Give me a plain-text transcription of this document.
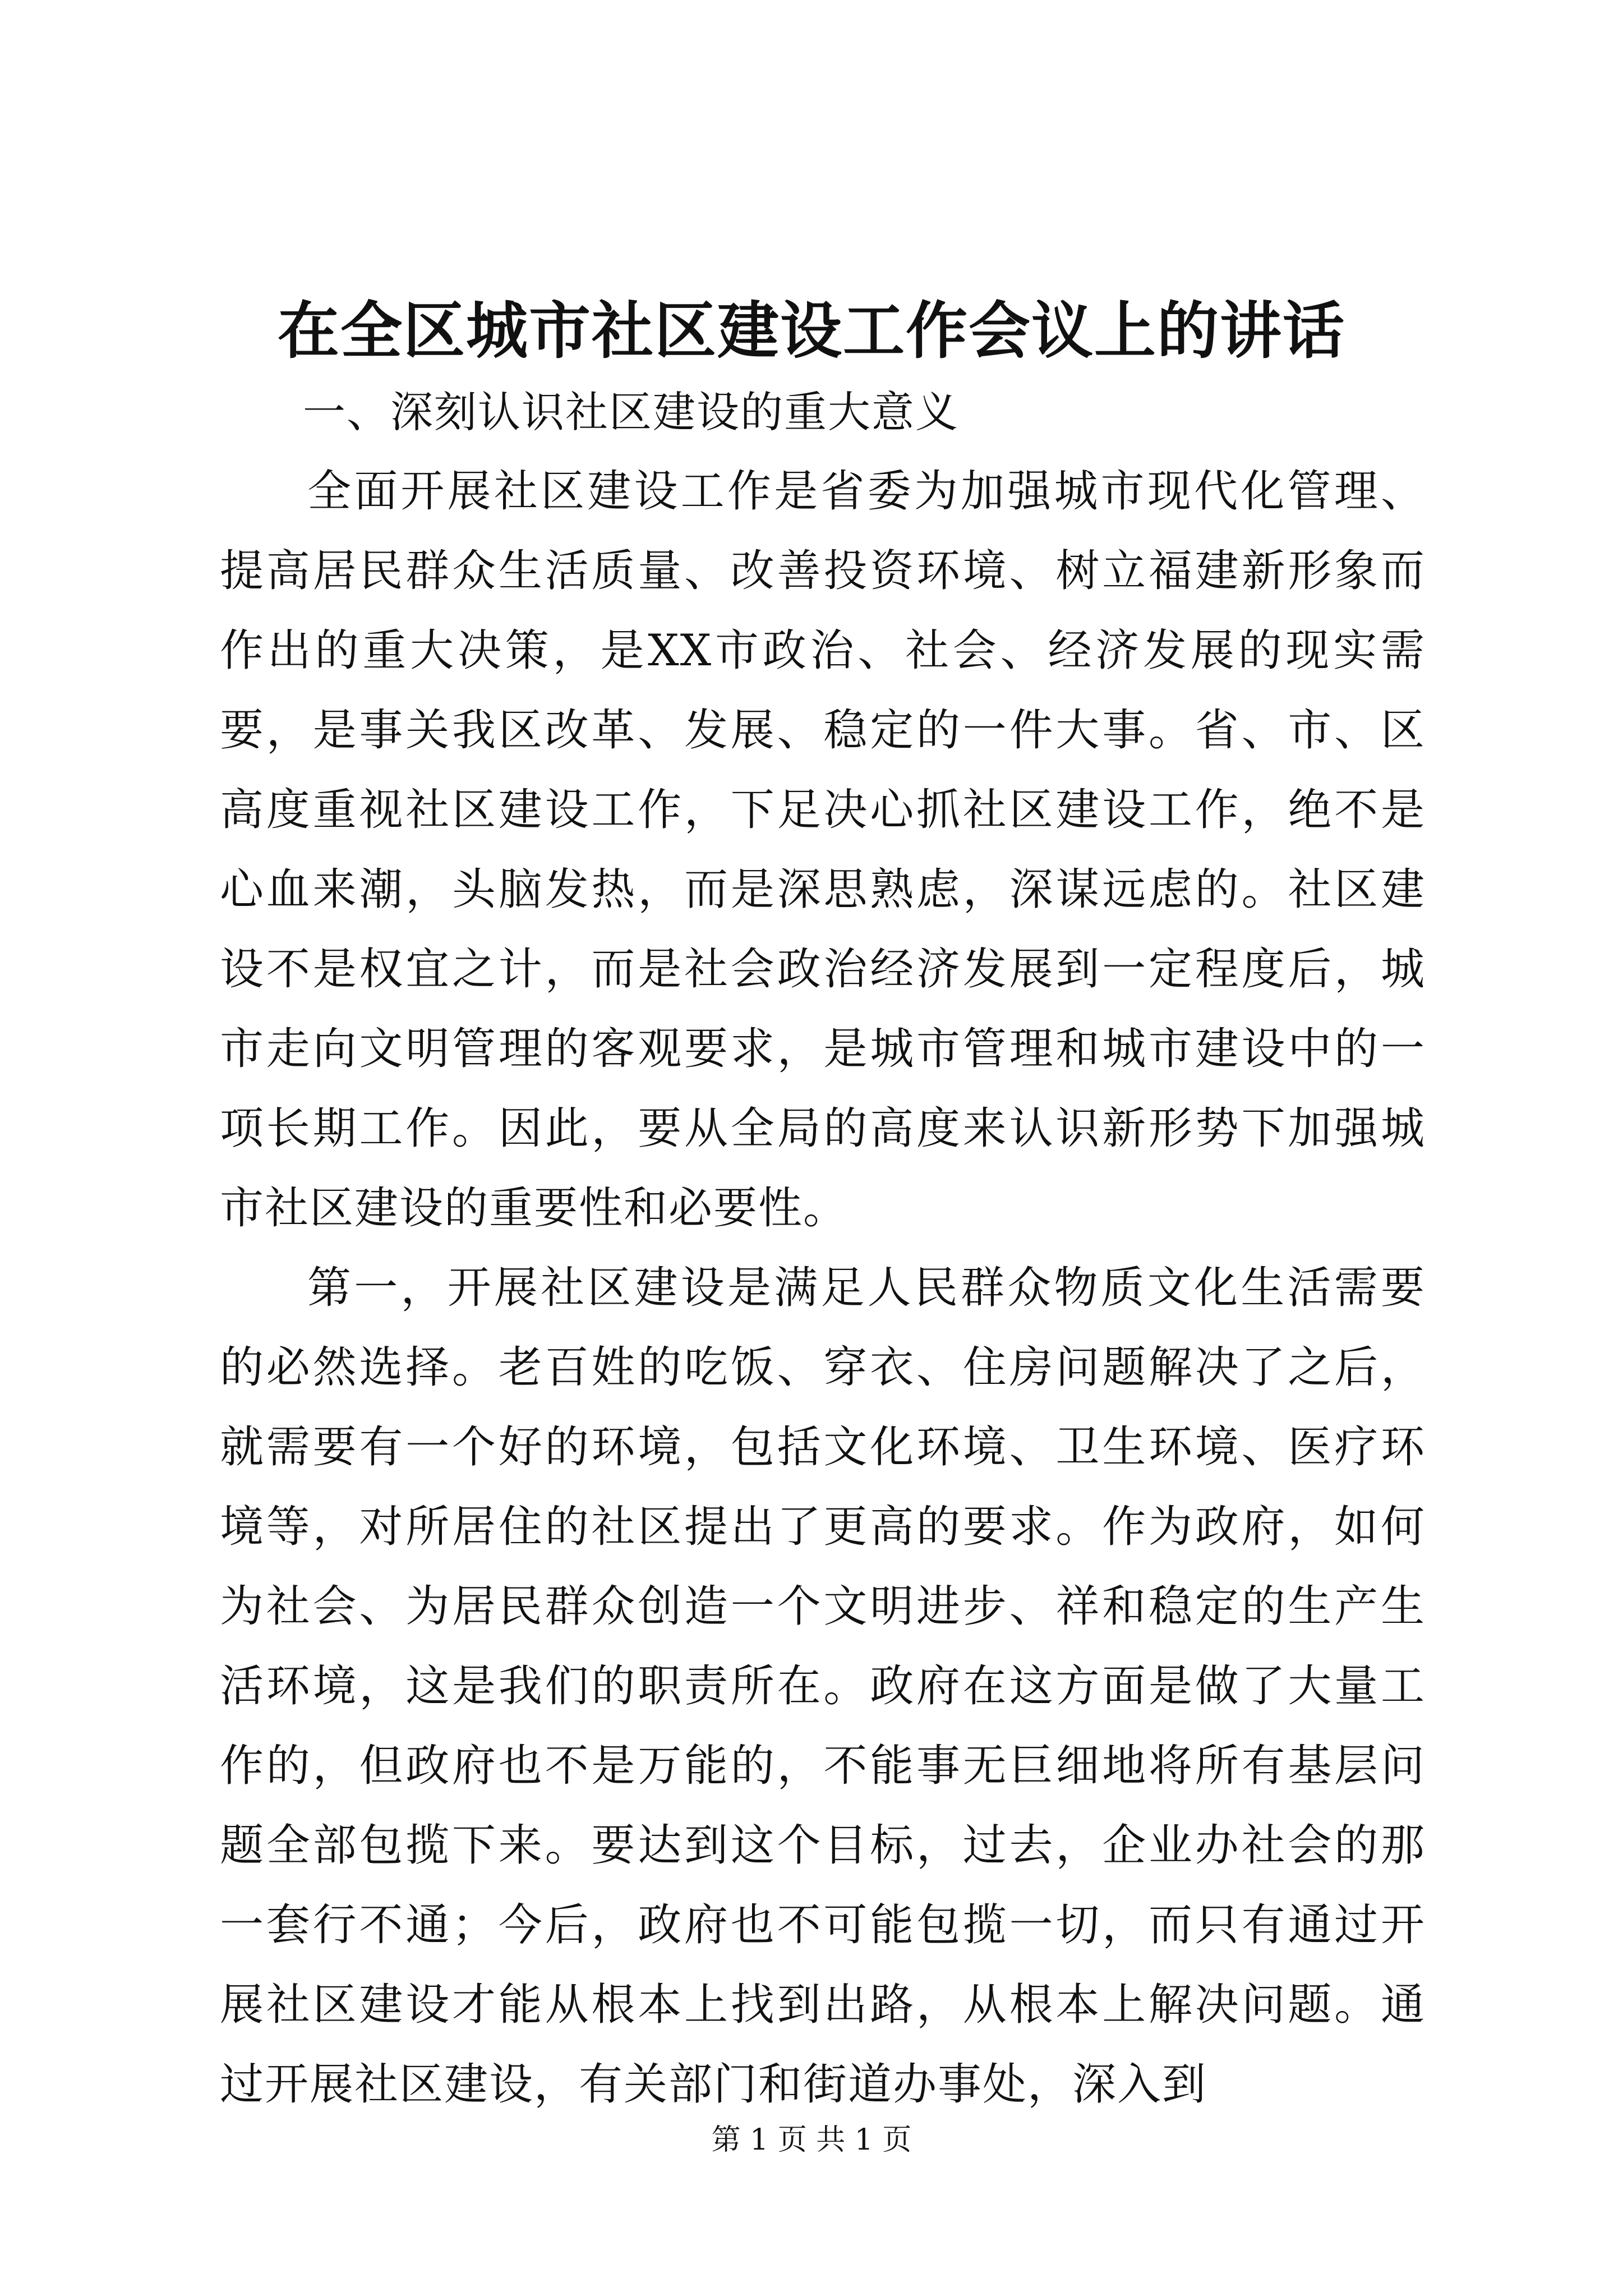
在全区城市社区建设工作会议上的讲话
一、深刻认识社区建设的重大意义

全面开展社区建设工作是省委为加强城市现代化管理、提高居民群众生活质量、改善投资环境、树立福建新形象而作出的重大决策，是XX市政治、社会、经济发展的现实需要，是事关我区改革、发展、稳定的一件大事。省、市、区高度重视社区建设工作，下足决心抓社区建设工作，绝不是心血来潮，头脑发热，而是深思熟虑，深谋远虑的。社区建设不是权宜之计，而是社会政治经济发展到一定程度后，城市走向文明管理的客观要求，是城市管理和城市建设中的一项长期工作。因此，要从全局的高度来认识新形势下加强城市社区建设的重要性和必要性。

第一，开展社区建设是满足人民群众物质文化生活需要的必然选择。老百姓的吃饭、穿衣、住房问题解决了之后，就需要有一个好的环境，包括文化环境、卫生环境、医疗环境等，对所居住的社区提出了更高的要求。作为政府，如何为社会、为居民群众创造一个文明进步、祥和稳定的生产生活环境，这是我们的职责所在。政府在这方面是做了大量工作的，但政府也不是万能的，不能事无巨细地将所有基层问题全部包揽下来。要达到这个目标，过去，企业办社会的那一套行不通；今后，政府也不可能包揽一切，而只有通过开展社区建设才能从根本上找到出路，从根本上解决问题。通过开展社区建设，有关部门和街道办事处，深入到

第 1 页 共 1 页
